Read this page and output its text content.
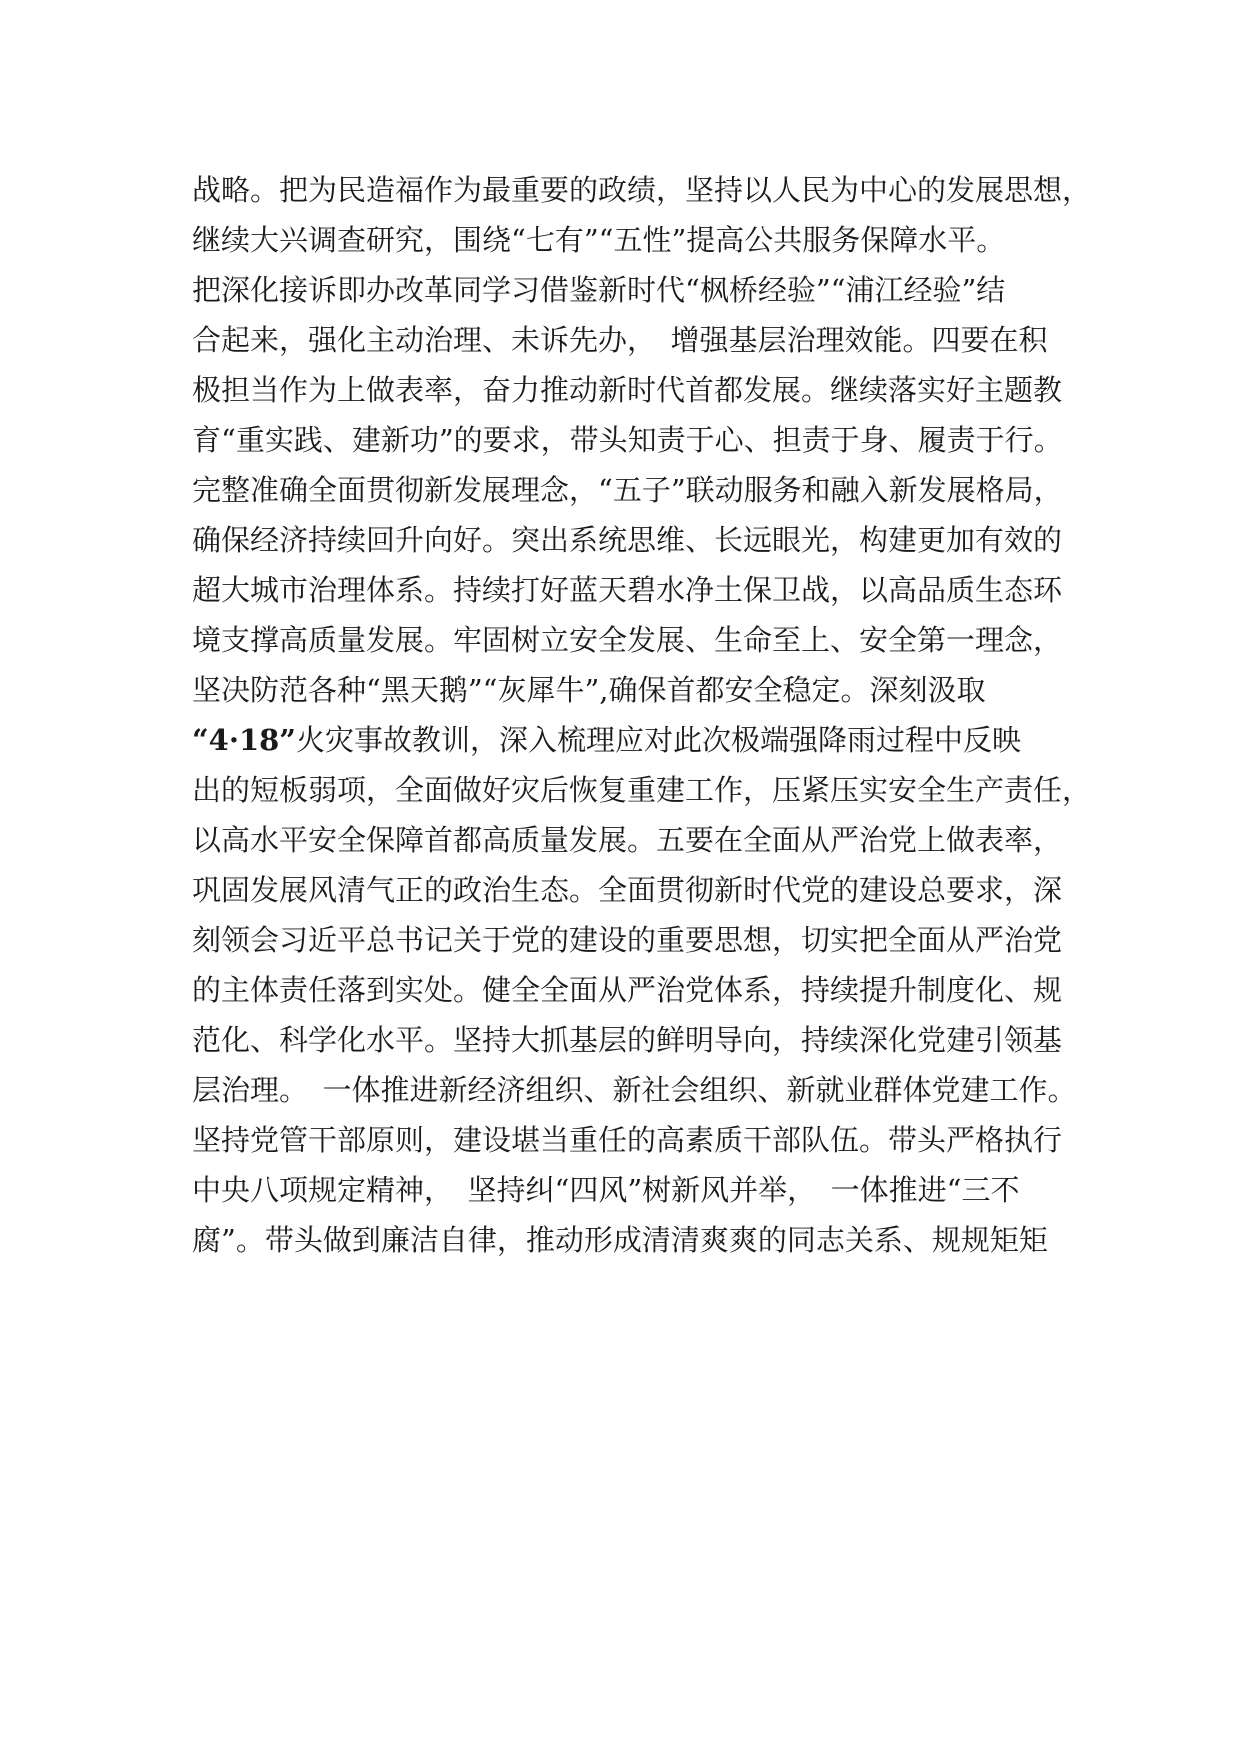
战略。把为民造福作为最重要的政绩，坚持以人民为中心的发展思想，
继续大兴调查研究，围绕“七有”“五性”提高公共服务保障水平。
把深化接诉即办改革同学习借鉴新时代“枫桥经验”“浦江经验”结
合起来，强化主动治理、未诉先办，　增强基层治理效能。四要在积
极担当作为上做表率，奋力推动新时代首都发展。继续落实好主题教
育“重实践、建新功”的要求，带头知责于心、担责于身、履责于行。
完整准确全面贯彻新发展理念，“五子”联动服务和融入新发展格局，
确保经济持续回升向好。突出系统思维、长远眼光，构建更加有效的
超大城市治理体系。持续打好蓝天碧水净土保卫战，以高品质生态环
境支撑高质量发展。牢固树立安全发展、生命至上、安全第一理念，
坚决防范各种“黑天鹅”“灰犀牛”,确保首都安全稳定。深刻汲取
“4·18”火灾事故教训，深入梳理应对此次极端强降雨过程中反映
出的短板弱项，全面做好灾后恢复重建工作，压紧压实安全生产责任，
以高水平安全保障首都高质量发展。五要在全面从严治党上做表率，
巩固发展风清气正的政治生态。全面贯彻新时代党的建设总要求，深
刻领会习近平总书记关于党的建设的重要思想，切实把全面从严治党
的主体责任落到实处。健全全面从严治党体系，持续提升制度化、规
范化、科学化水平。坚持大抓基层的鲜明导向，持续深化党建引领基
层治理。　一体推进新经济组织、新社会组织、新就业群体党建工作。
坚持党管干部原则，建设堪当重任的高素质干部队伍。带头严格执行
中央八项规定精神，　坚持纠“四风”树新风并举，　一体推进“三不
腐”。带头做到廉洁自律，推动形成清清爽爽的同志关系、规规矩矩
